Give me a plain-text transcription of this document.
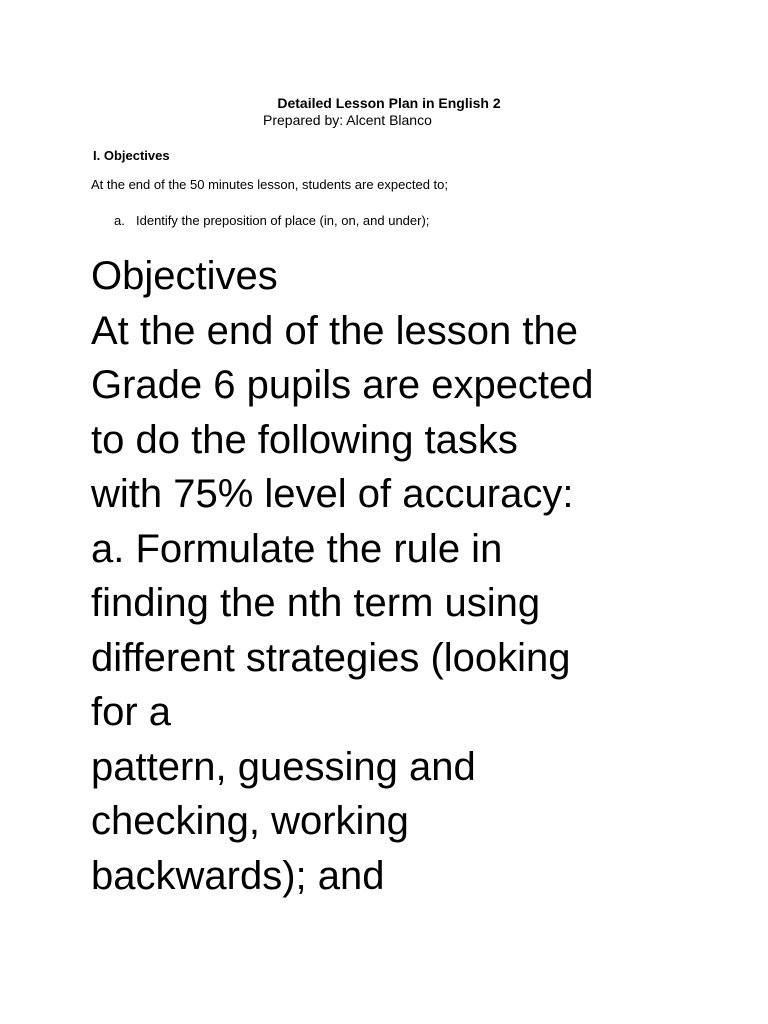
Detailed Lesson Plan in English 2
Prepared by: Alcent Blanco
I. Objectives
At the end of the 50 minutes lesson, students are expected to;
a. Identify the preposition of place (in, on, and under);
Objectives
At the end of the lesson the
Grade 6 pupils are expected
to do the following tasks
with 75% level of accuracy:
a. Formulate the rule in
finding the nth term using
different strategies (looking
for a
pattern, guessing and
checking, working
backwards); and
